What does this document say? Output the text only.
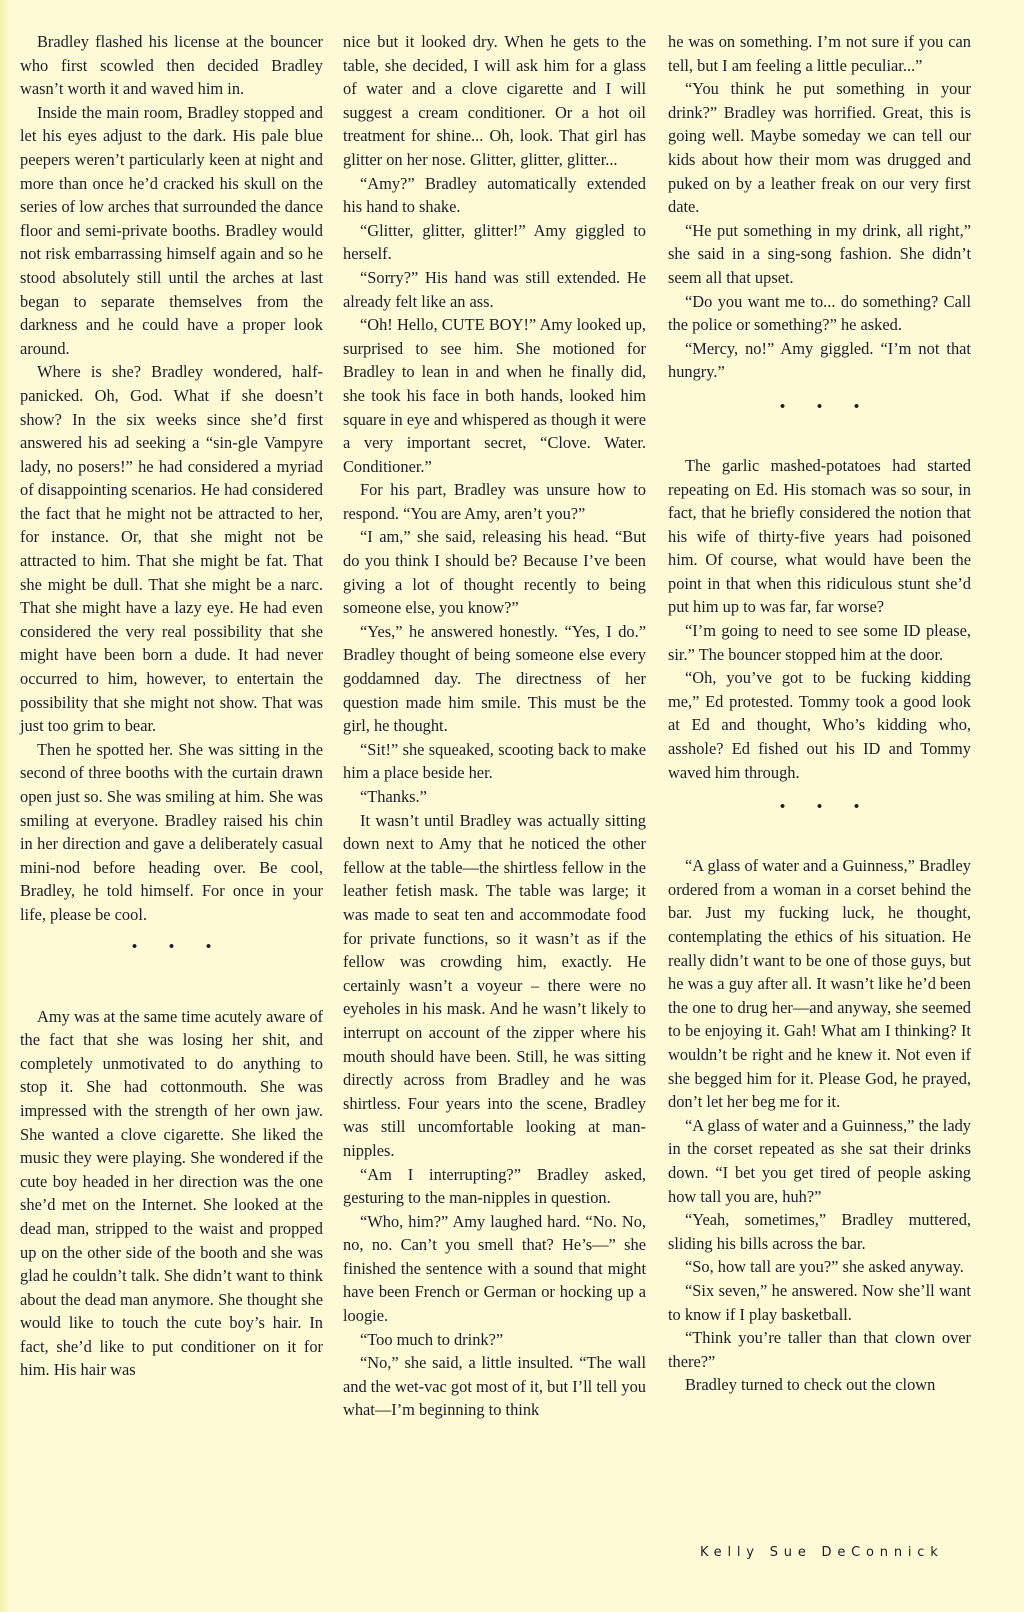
Bradley flashed his license at the bouncer who first scowled then decided Bradley wasn’t worth it and waved him in.

Inside the main room, Bradley stopped and let his eyes adjust to the dark. His pale blue peepers weren’t particularly keen at night and more than once he’d cracked his skull on the series of low arches that surrounded the dance floor and semi-private booths. Bradley would not risk embarrassing himself again and so he stood absolutely still until the arches at last began to separate themselves from the darkness and he could have a proper look around.

Where is she? Bradley wondered, half-panicked. Oh, God. What if she doesn’t show? In the six weeks since she’d first answered his ad seeking a “sin-gle Vampyre lady, no posers!” he had considered a myriad of disappointing scenarios. He had considered the fact that he might not be attracted to her, for instance. Or, that she might not be attracted to him. That she might be fat. That she might be dull. That she might be a narc. That she might have a lazy eye. He had even considered the very real possibility that she might have been born a dude. It had never occurred to him, however, to entertain the possibility that she might not show. That was just too grim to bear.

Then he spotted her. She was sitting in the second of three booths with the curtain drawn open just so. She was smiling at him. She was smiling at everyone. Bradley raised his chin in her direction and gave a deliberately casual mini-nod before heading over. Be cool, Bradley, he told himself. For once in your life, please be cool.

• • •

Amy was at the same time acutely aware of the fact that she was losing her shit, and completely unmotivated to do anything to stop it. She had cottonmouth. She was impressed with the strength of her own jaw. She wanted a clove cigarette. She liked the music they were playing. She wondered if the cute boy headed in her direction was the one she’d met on the Internet. She looked at the dead man, stripped to the waist and propped up on the other side of the booth and she was glad he couldn’t talk. She didn’t want to think about the dead man anymore. She thought she would like to touch the cute boy’s hair. In fact, she’d like to put conditioner on it for him. His hair was

nice but it looked dry. When he gets to the table, she decided, I will ask him for a glass of water and a clove cigarette and I will suggest a cream conditioner. Or a hot oil treatment for shine... Oh, look. That girl has glitter on her nose. Glitter, glitter, glitter...

“Amy?” Bradley automatically extended his hand to shake.

“Glitter, glitter, glitter!” Amy giggled to herself.

“Sorry?” His hand was still extended. He already felt like an ass.

“Oh! Hello, CUTE BOY!” Amy looked up, surprised to see him. She motioned for Bradley to lean in and when he finally did, she took his face in both hands, looked him square in eye and whispered as though it were a very important secret, “Clove. Water. Conditioner.”

For his part, Bradley was unsure how to respond. “You are Amy, aren’t you?”

“I am,” she said, releasing his head. “But do you think I should be? Because I’ve been giving a lot of thought recently to being someone else, you know?”

“Yes,” he answered honestly. “Yes, I do.” Bradley thought of being someone else every goddamned day. The directness of her question made him smile. This must be the girl, he thought.

“Sit!” she squeaked, scooting back to make him a place beside her.

“Thanks.”

It wasn’t until Bradley was actually sitting down next to Amy that he noticed the other fellow at the table—the shirtless fellow in the leather fetish mask. The table was large; it was made to seat ten and accommodate food for private functions, so it wasn’t as if the fellow was crowding him, exactly. He certainly wasn’t a voyeur – there were no eyeholes in his mask. And he wasn’t likely to interrupt on account of the zipper where his mouth should have been. Still, he was sitting directly across from Bradley and he was shirtless. Four years into the scene, Bradley was still uncomfortable looking at man-nipples.

“Am I interrupting?” Bradley asked, gesturing to the man-nipples in question.

“Who, him?” Amy laughed hard. “No. No, no, no. Can’t you smell that? He’s—” she finished the sentence with a sound that might have been French or German or hocking up a loogie.

“Too much to drink?”

“No,” she said, a little insulted. “The wall and the wet-vac got most of it, but I’ll tell you what—I’m beginning to think

he was on something. I’m not sure if you can tell, but I am feeling a little peculiar...”

“You think he put something in your drink?” Bradley was horrified. Great, this is going well. Maybe someday we can tell our kids about how their mom was drugged and puked on by a leather freak on our very first date.

“He put something in my drink, all right,” she said in a sing-song fashion. She didn’t seem all that upset.

“Do you want me to... do something? Call the police or something?” he asked.

“Mercy, no!” Amy giggled. “I’m not that hungry.”

• • •

The garlic mashed-potatoes had started repeating on Ed. His stomach was so sour, in fact, that he briefly considered the notion that his wife of thirty-five years had poisoned him. Of course, what would have been the point in that when this ridiculous stunt she’d put him up to was far, far worse?

“I’m going to need to see some ID please, sir.” The bouncer stopped him at the door.

“Oh, you’ve got to be fucking kidding me,” Ed protested. Tommy took a good look at Ed and thought, Who’s kidding who, asshole? Ed fished out his ID and Tommy waved him through.

• • •

“A glass of water and a Guinness,” Bradley ordered from a woman in a corset behind the bar. Just my fucking luck, he thought, contemplating the ethics of his situation. He really didn’t want to be one of those guys, but he was a guy after all. It wasn’t like he’d been the one to drug her—and anyway, she seemed to be enjoying it. Gah! What am I thinking? It wouldn’t be right and he knew it. Not even if she begged him for it. Please God, he prayed, don’t let her beg me for it.

“A glass of water and a Guinness,” the lady in the corset repeated as she sat their drinks down. “I bet you get tired of people asking how tall you are, huh?”

“Yeah, sometimes,” Bradley muttered, sliding his bills across the bar.

“So, how tall are you?” she asked anyway.

“Six seven,” he answered. Now she’ll want to know if I play basketball.

“Think you’re taller than that clown over there?”

Bradley turned to check out the clown

Kelly Sue DeConnick
